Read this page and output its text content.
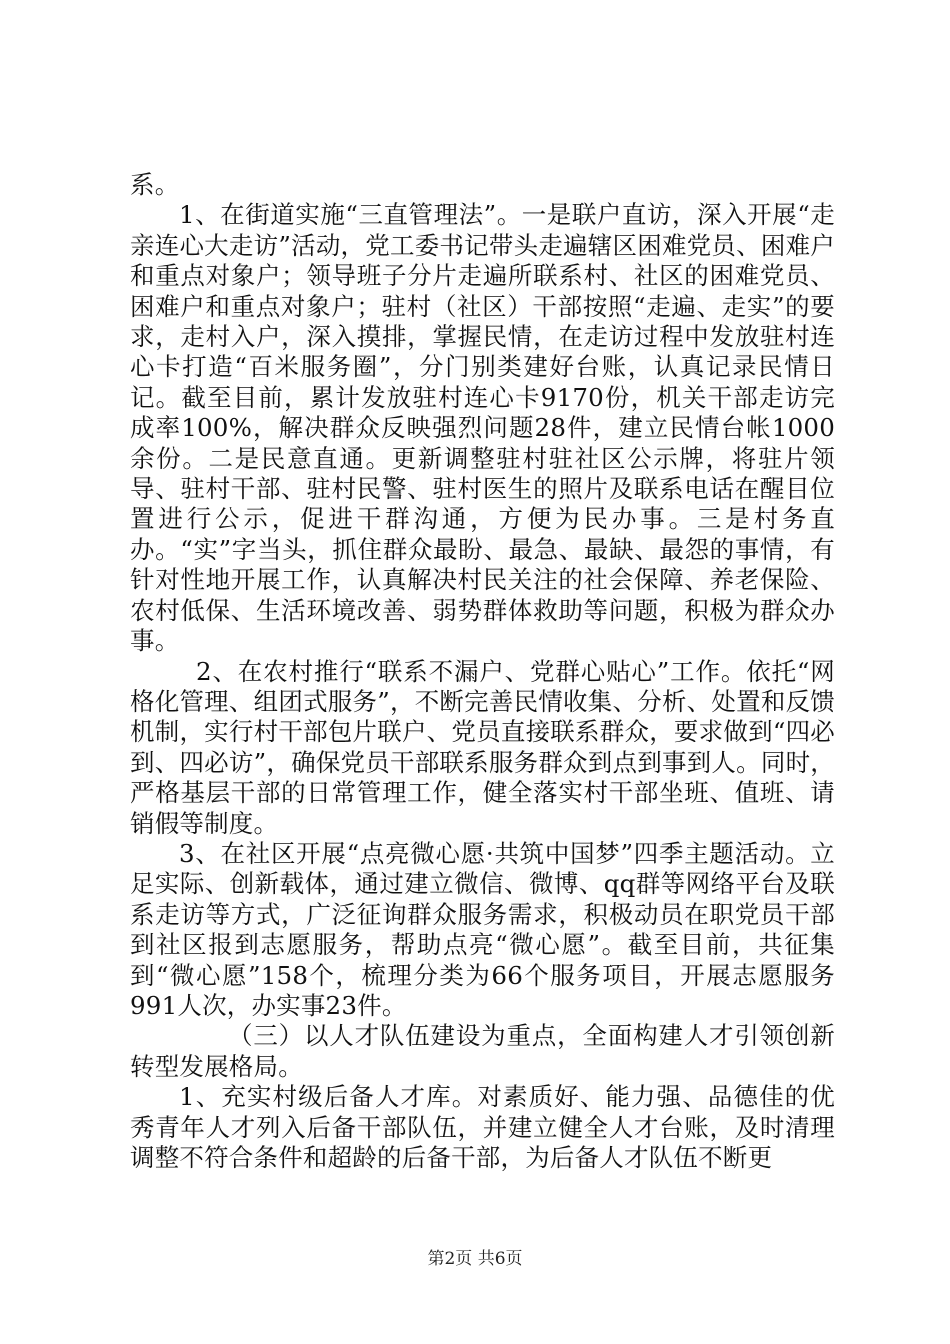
系。

1、在街道实施“三直管理法”。一是联户直访，深入开展“走亲连心大走访”活动，党工委书记带头走遍辖区困难党员、困难户和重点对象户；领导班子分片走遍所联系村、社区的困难党员、困难户和重点对象户；驻村（社区）干部按照“走遍、走实”的要求，走村入户，深入摸排，掌握民情，在走访过程中发放驻村连心卡打造“百米服务圈”，分门别类建好台账，认真记录民情日记。截至目前，累计发放驻村连心卡9170份，机关干部走访完成率100%，解决群众反映强烈问题28件，建立民情台帐1000余份。二是民意直通。更新调整驻村驻社区公示牌，将驻片领导、驻村干部、驻村民警、驻村医生的照片及联系电话在醒目位置进行公示，促进干群沟通，方便为民办事。三是村务直办。“实”字当头，抓住群众最盼、最急、最缺、最怨的事情，有针对性地开展工作，认真解决村民关注的社会保障、养老保险、农村低保、生活环境改善、弱势群体救助等问题，积极为群众办事。

2、在农村推行“联系不漏户、党群心贴心”工作。依托“网格化管理、组团式服务”，不断完善民情收集、分析、处置和反馈机制，实行村干部包片联户、党员直接联系群众，要求做到“四必到、四必访”，确保党员干部联系服务群众到点到事到人。同时，严格基层干部的日常管理工作，健全落实村干部坐班、值班、请销假等制度。

3、在社区开展“点亮微心愿·共筑中国梦”四季主题活动。立足实际、创新载体，通过建立微信、微博、qq群等网络平台及联系走访等方式，广泛征询群众服务需求，积极动员在职党员干部到社区报到志愿服务，帮助点亮“微心愿”。截至目前，共征集到“微心愿”158个，梳理分类为66个服务项目，开展志愿服务991人次，办实事23件。

（三）以人才队伍建设为重点，全面构建人才引领创新转型发展格局。

1、充实村级后备人才库。对素质好、能力强、品德佳的优秀青年人才列入后备干部队伍，并建立健全人才台账，及时清理调整不符合条件和超龄的后备干部，为后备人才队伍不断更

第2页 共6页
